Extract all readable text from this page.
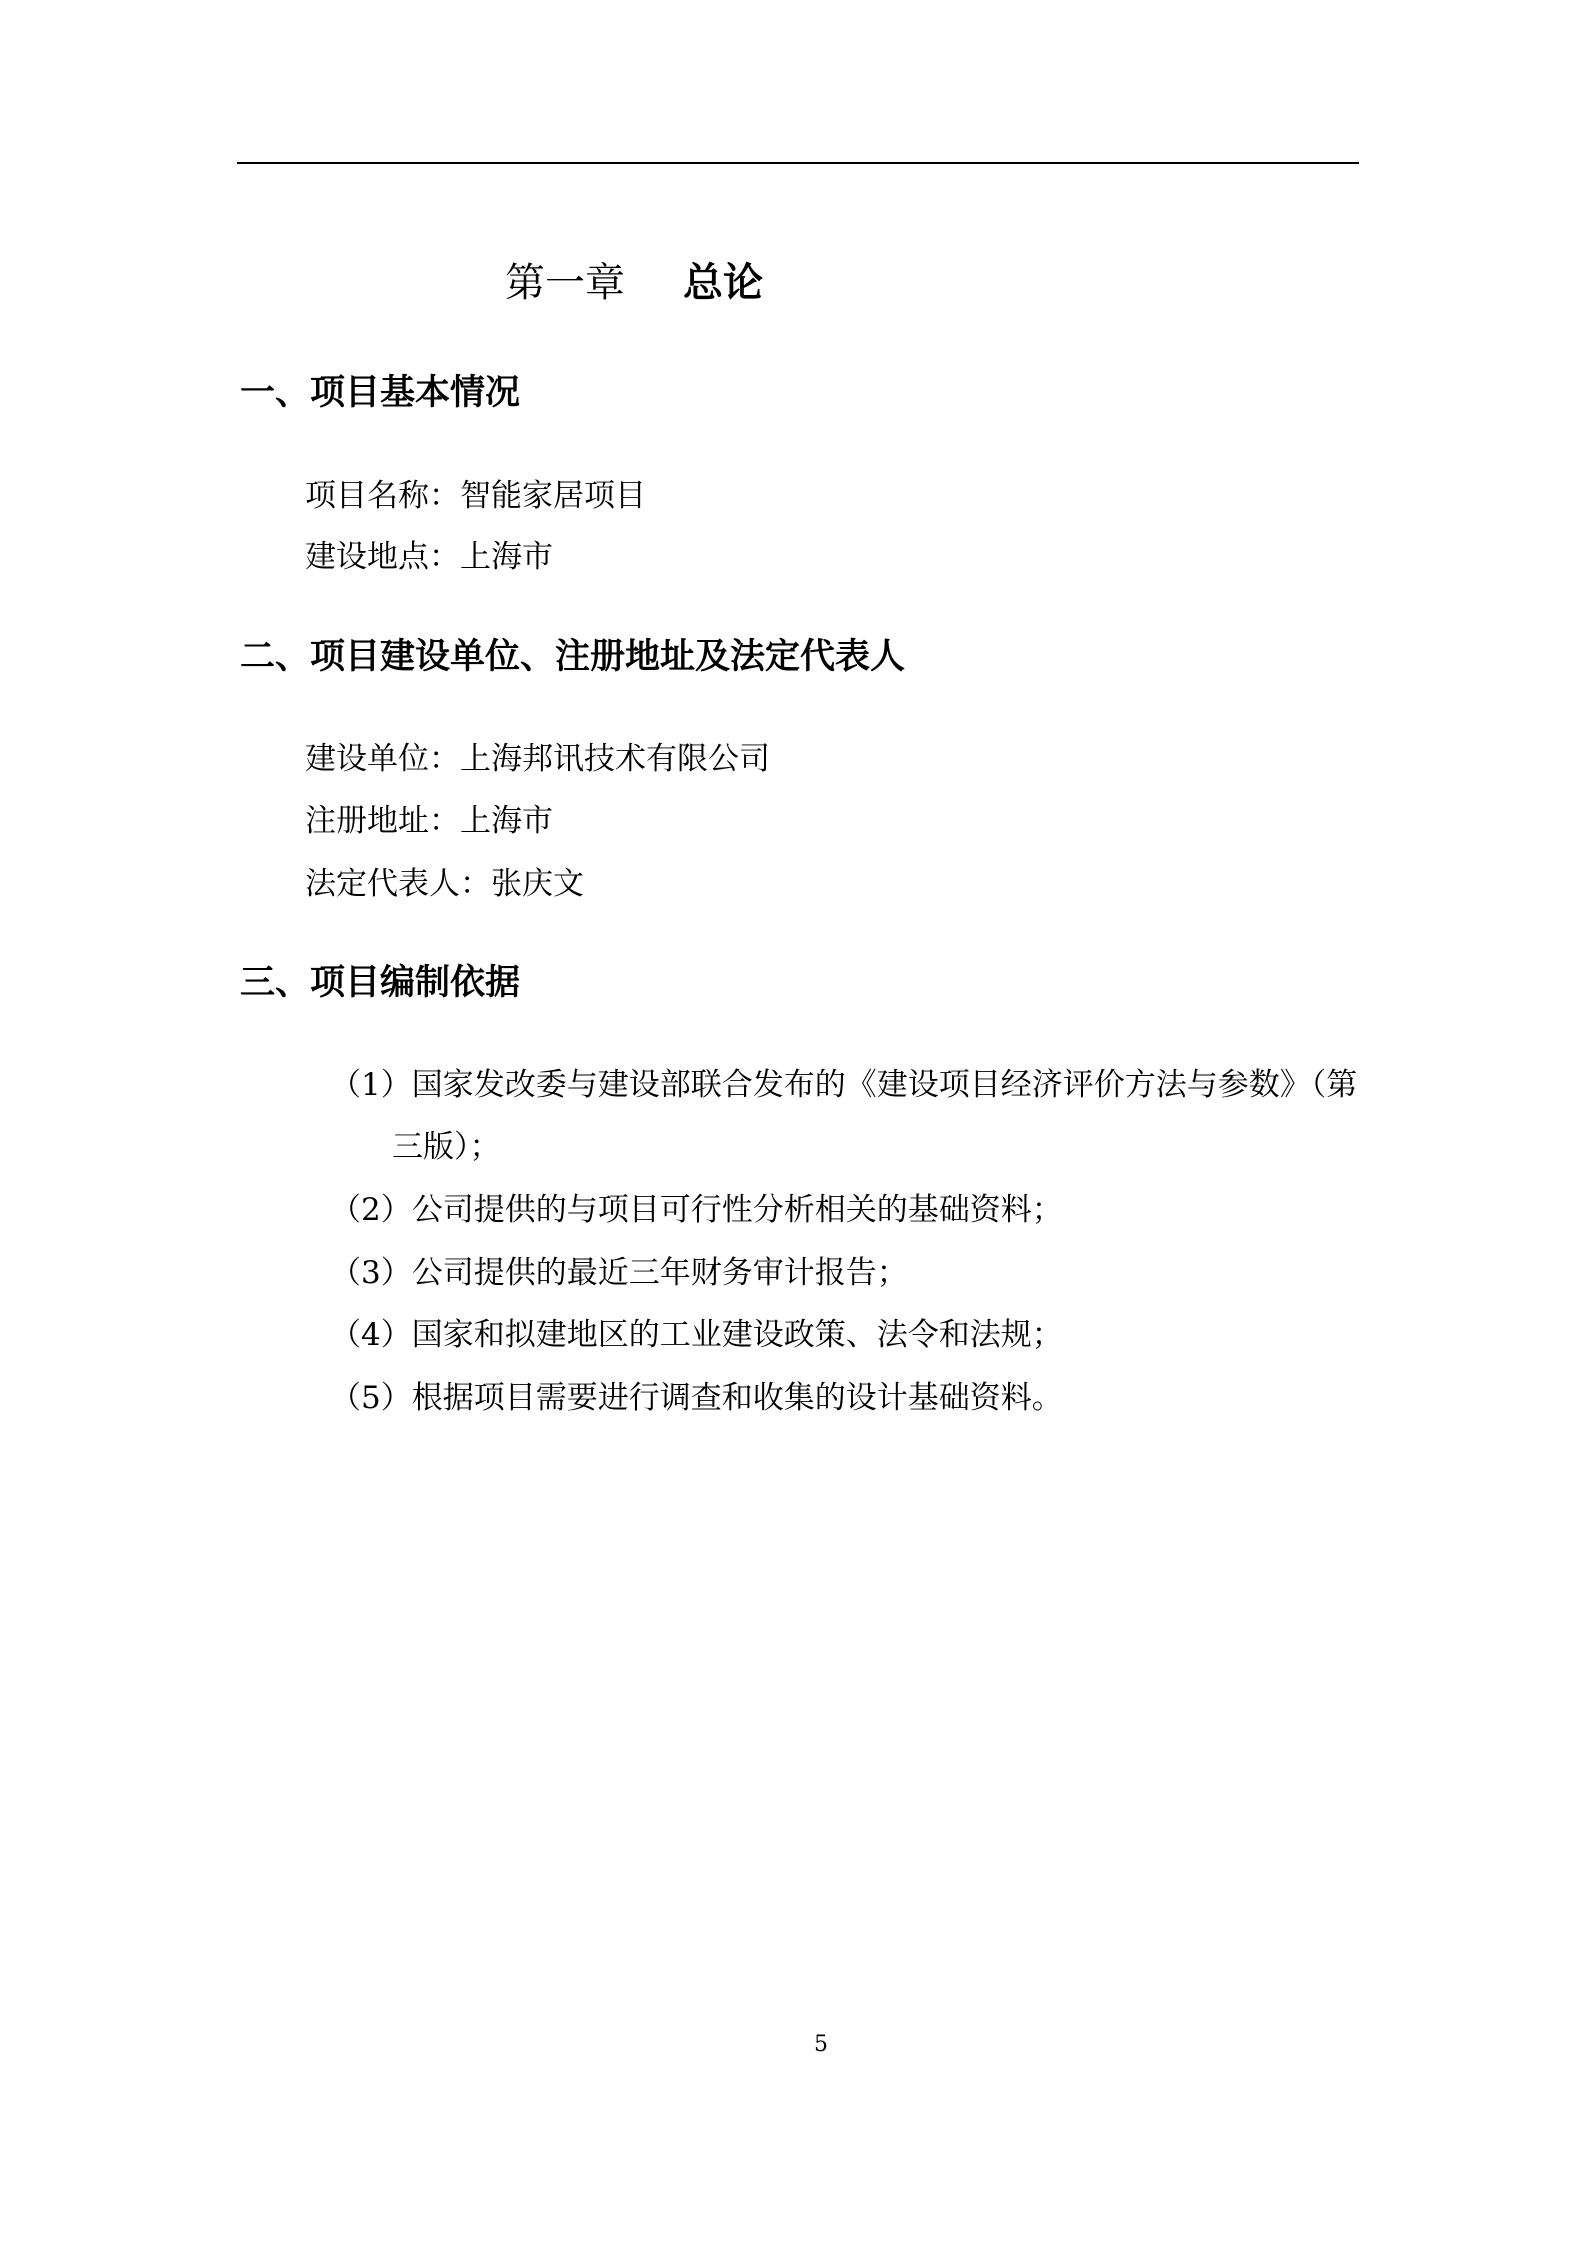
第一章 总论
一、项目基本情况
项目名称：智能家居项目
建设地点：上海市
二、项目建设单位、注册地址及法定代表人
建设单位：上海邦讯技术有限公司
注册地址：上海市
法定代表人：张庆文
三、项目编制依据
（1）国家发改委与建设部联合发布的《建设项目经济评价方法与参数》（第
三版）；
（2）公司提供的与项目可行性分析相关的基础资料；
（3）公司提供的最近三年财务审计报告；
（4）国家和拟建地区的工业建设政策、法令和法规；
（5）根据项目需要进行调查和收集的设计基础资料。
5
